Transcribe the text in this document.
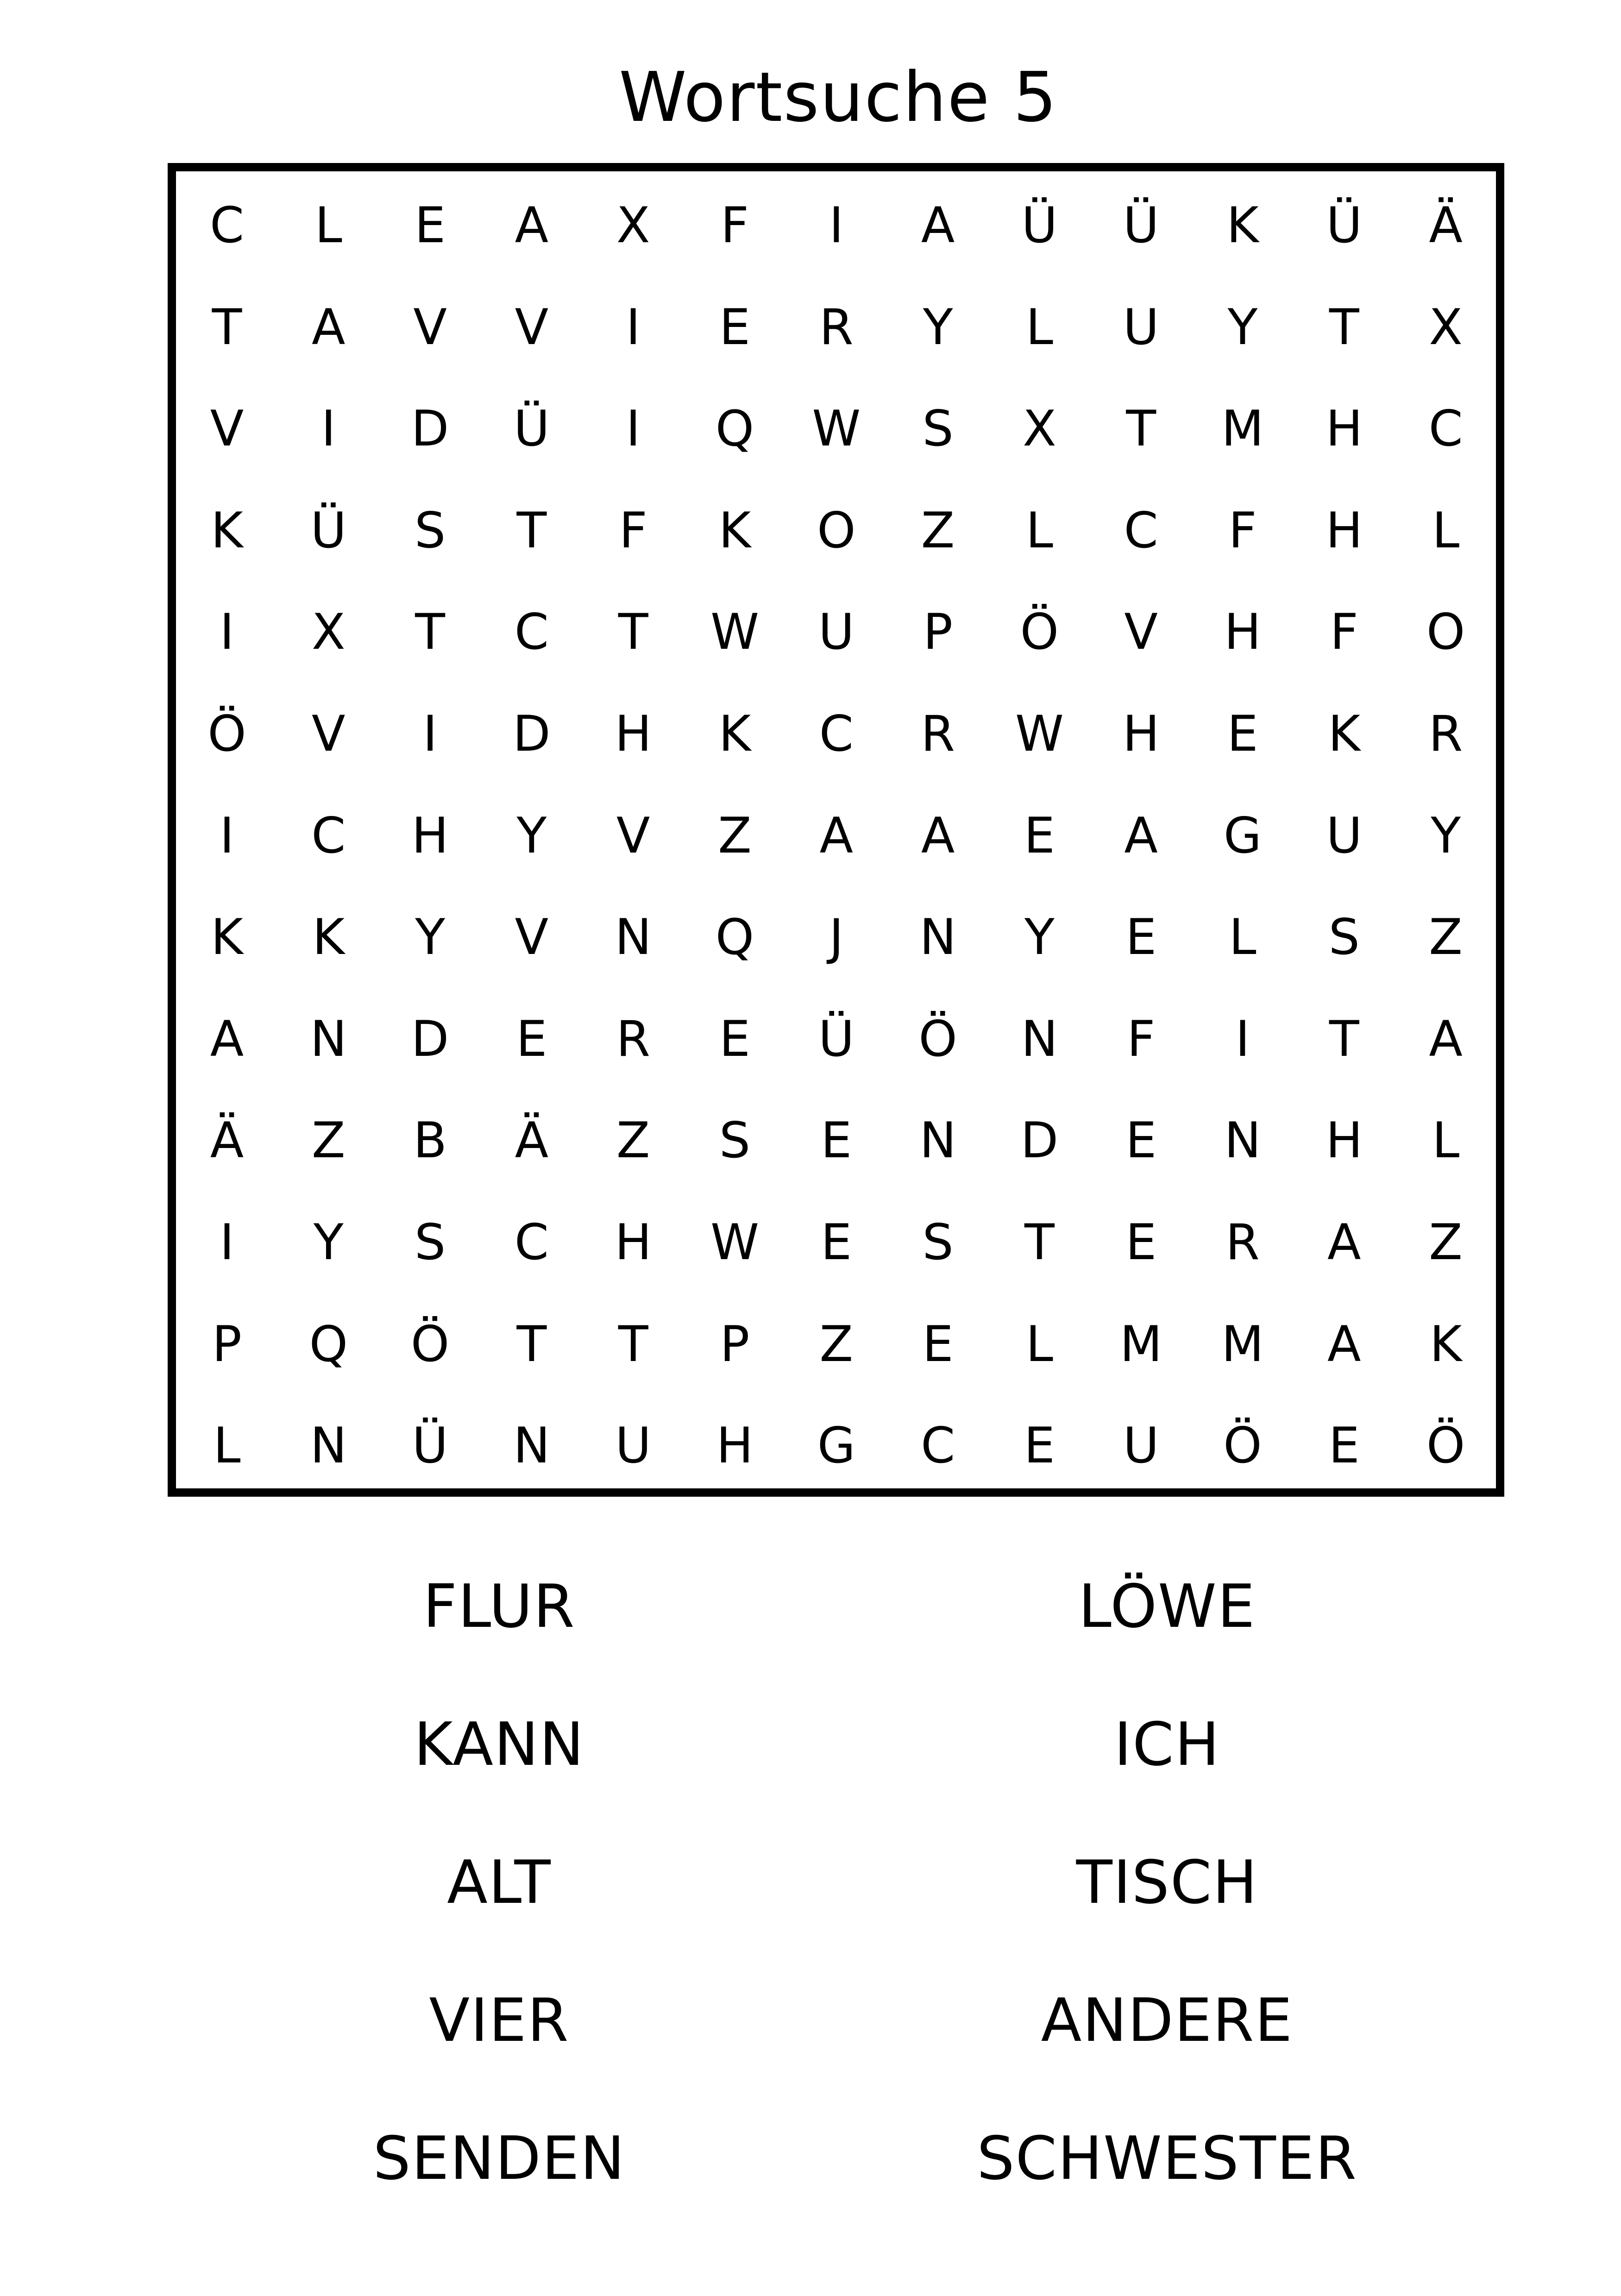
Wortsuche 5
C	L	E	A	X	F	I	A	Ü	Ü	K	Ü	Ä
T	A	V	V	I	E	R	Y	L	U	Y	T	X
V	I	D	Ü	I	Q	W	S	X	T	M	H	C
K	Ü	S	T	F	K	O	Z	L	C	F	H	L
I	X	T	C	T	W	U	P	Ö	V	H	F	O
Ö	V	I	D	H	K	C	R	W	H	E	K	R
I	C	H	Y	V	Z	A	A	E	A	G	U	Y
K	K	Y	V	N	Q	J	N	Y	E	L	S	Z
A	N	D	E	R	E	Ü	Ö	N	F	I	T	A
Ä	Z	B	Ä	Z	S	E	N	D	E	N	H	L
I	Y	S	C	H	W	E	S	T	E	R	A	Z
P	Q	Ö	T	T	P	Z	E	L	M	M	A	K
L	N	Ü	N	U	H	G	C	E	U	Ö	E	Ö
FLUR
KANN
ALT
VIER
SENDEN
LÖWE
ICH
TISCH
ANDERE
SCHWESTER
